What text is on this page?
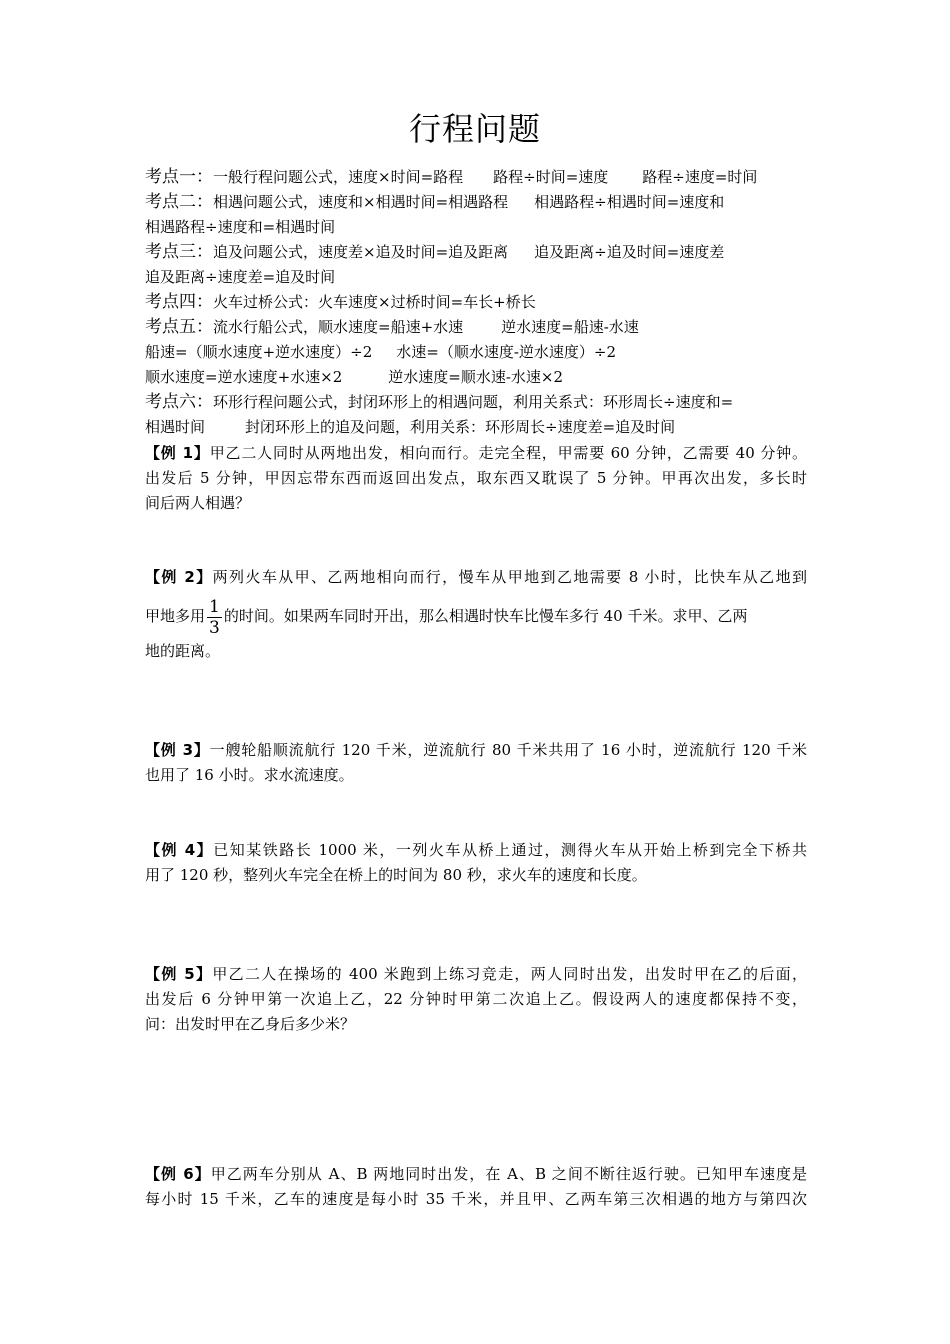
行程问题
考点一：一般行程问题公式，速度×时间=路程 路程÷时间=速度 路程÷速度=时间
考点二：相遇问题公式，速度和×相遇时间=相遇路程 相遇路程÷相遇时间=速度和
相遇路程÷速度和=相遇时间
考点三：追及问题公式，速度差×追及时间=追及距离 追及距离÷追及时间=速度差
追及距离÷速度差=追及时间
考点四：火车过桥公式：火车速度×过桥时间=车长+桥长
考点五：流水行船公式，顺水速度=船速+水速	逆水速度=船速-水速
船速=（顺水速度+逆水速度）÷2 水速=（顺水速度-逆水速度）÷2
顺水速度=逆水速度+水速×2	逆水速度=顺水速-水速×2
考点六：环形行程问题公式，封闭环形上的相遇问题，利用关系式：环形周长÷速度和=
相遇时间	封闭环形上的追及问题，利用关系：环形周长÷速度差=追及时间
【例 1】甲乙二人同时从两地出发，相向而行。走完全程，甲需要 60 分钟，乙需要 40 分钟。
出发后 5 分钟，甲因忘带东西而返回出发点，取东西又耽误了 5 分钟。甲再次出发，多长时
间后两人相遇？
【例 2】两列火车从甲、乙两地相向而行，慢车从甲地到乙地需要 8 小时，比快车从乙地到
甲地多用 $\frac{1}{3}$ 的时间。如果两车同时开出，那么相遇时快车比慢车多行 40 千米。求甲、乙两
地的距离。
【例 3】一艘轮船顺流航行 120 千米，逆流航行 80 千米共用了 16 小时，逆流航行 120 千米
也用了 16 小时。求水流速度。
【例 4】已知某铁路长 1000 米，一列火车从桥上通过，测得火车从开始上桥到完全下桥共
用了 120 秒，整列火车完全在桥上的时间为 80 秒，求火车的速度和长度。
【例 5】甲乙二人在操场的 400 米跑到上练习竞走，两人同时出发，出发时甲在乙的后面，
出发后 6 分钟甲第一次追上乙，22 分钟时甲第二次追上乙。假设两人的速度都保持不变，
问：出发时甲在乙身后多少米？
【例 6】甲乙两车分别从 A、B 两地同时出发，在 A、B 之间不断往返行驶。已知甲车速度是
每小时 15 千米，乙车的速度是每小时 35 千米，并且甲、乙两车第三次相遇的地方与第四次
